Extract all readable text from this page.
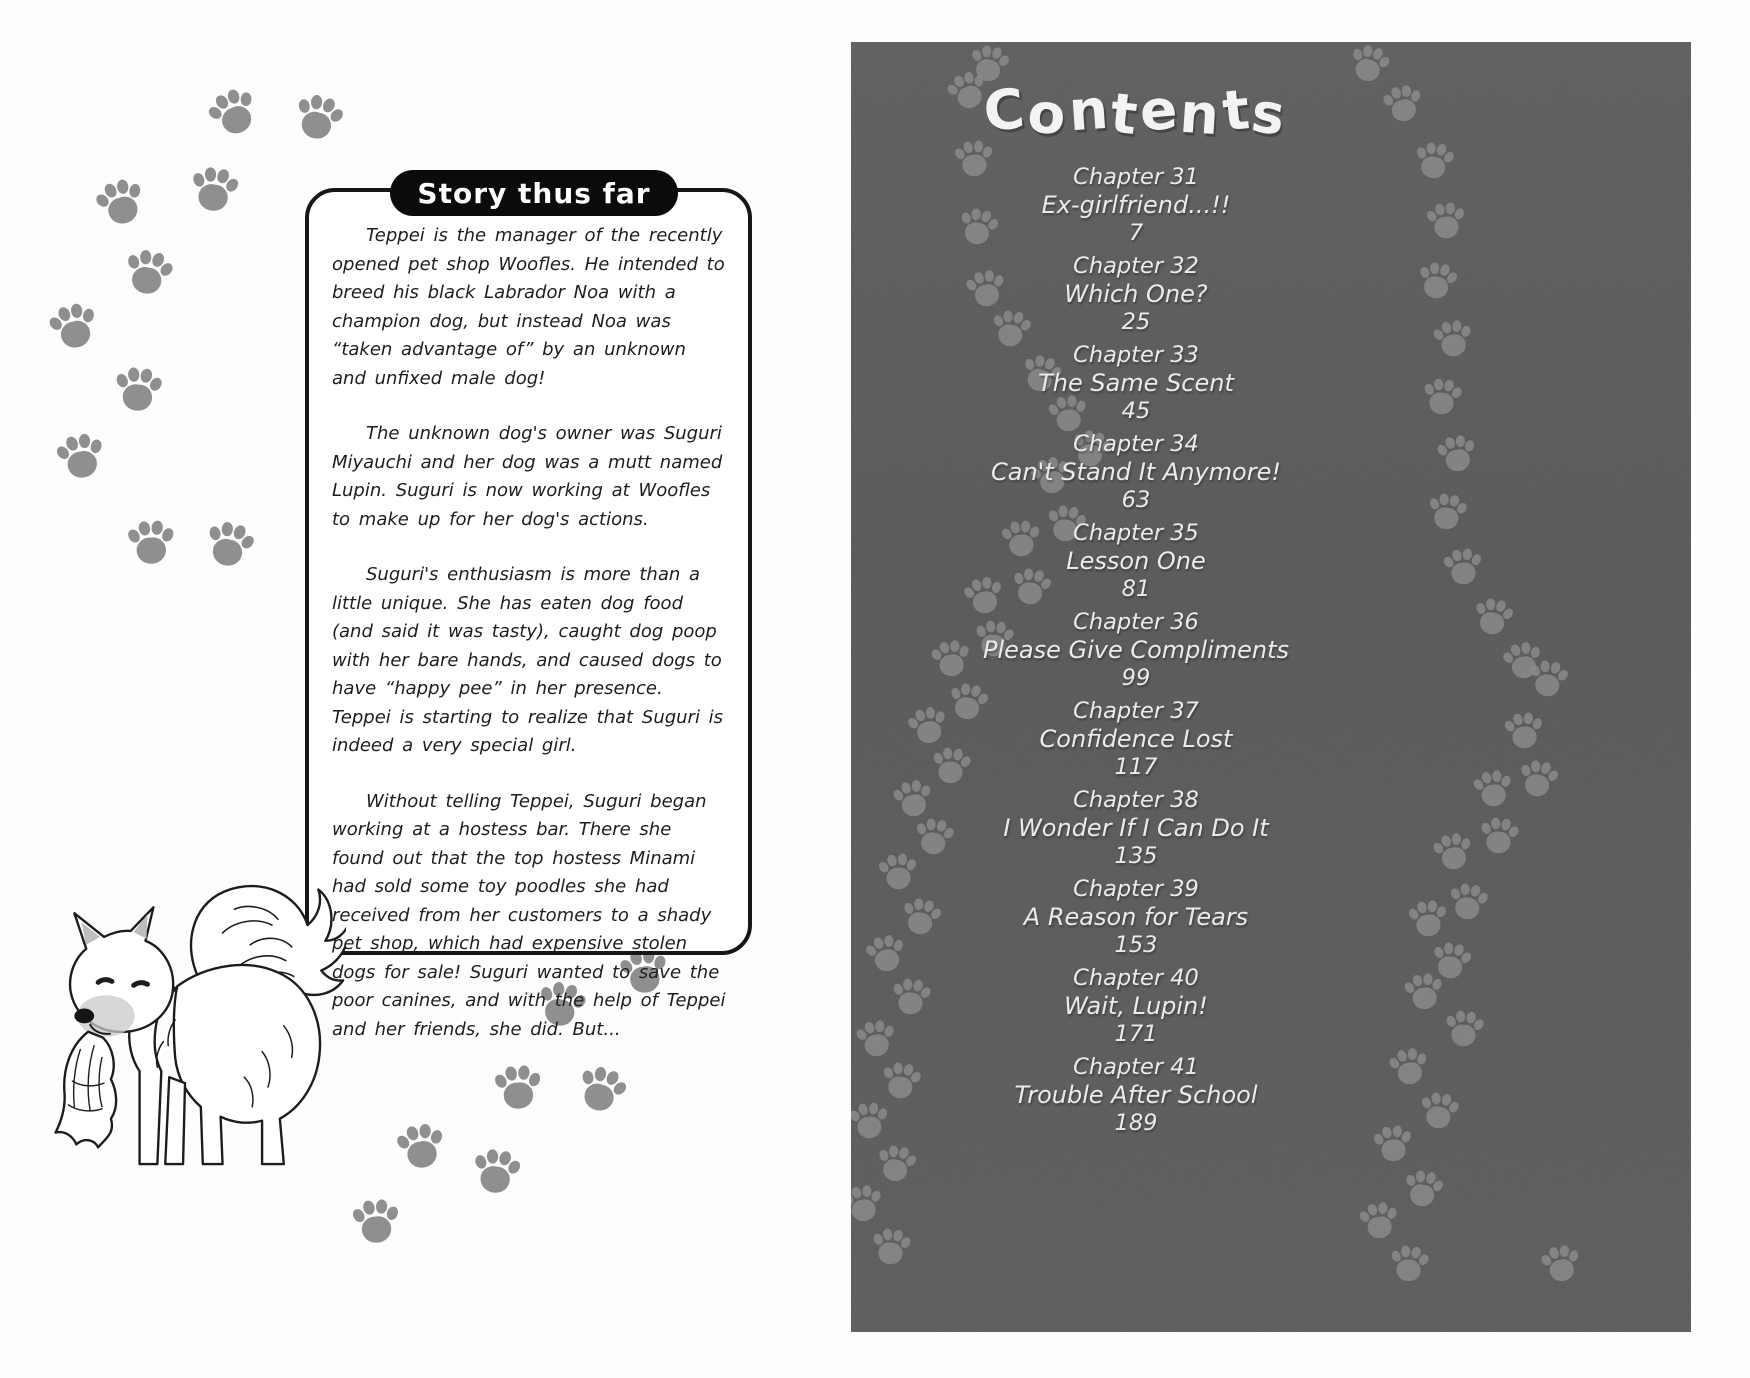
Story thus far

Teppei is the manager of the recently opened pet shop Woofles. He intended to breed his black Labrador Noa with a champion dog, but instead Noa was “taken advantage of” by an unknown and unfixed male dog!

The unknown dog's owner was Suguri Miyauchi and her dog was a mutt named Lupin. Suguri is now working at Woofles to make up for her dog's actions.

Suguri's enthusiasm is more than a little unique. She has eaten dog food (and said it was tasty), caught dog poop with her bare hands, and caused dogs to have “happy pee” in her presence. Teppei is starting to realize that Suguri is indeed a very special girl.

Without telling Teppei, Suguri began working at a hostess bar. There she found out that the top hostess Minami had sold some toy poodles she had received from her customers to a shady pet shop, which had expensive stolen dogs for sale! Suguri wanted to save the poor canines, and with the help of Teppei and her friends, she did. But...

Contents
Chapter 31
Ex-girlfriend...!!
7
Chapter 32
Which One?
25
Chapter 33
The Same Scent
45
Chapter 34
Can't Stand It Anymore!
63
Chapter 35
Lesson One
81
Chapter 36
Please Give Compliments
99
Chapter 37
Confidence Lost
117
Chapter 38
I Wonder If I Can Do It
135
Chapter 39
A Reason for Tears
153
Chapter 40
Wait, Lupin!
171
Chapter 41
Trouble After School
189
